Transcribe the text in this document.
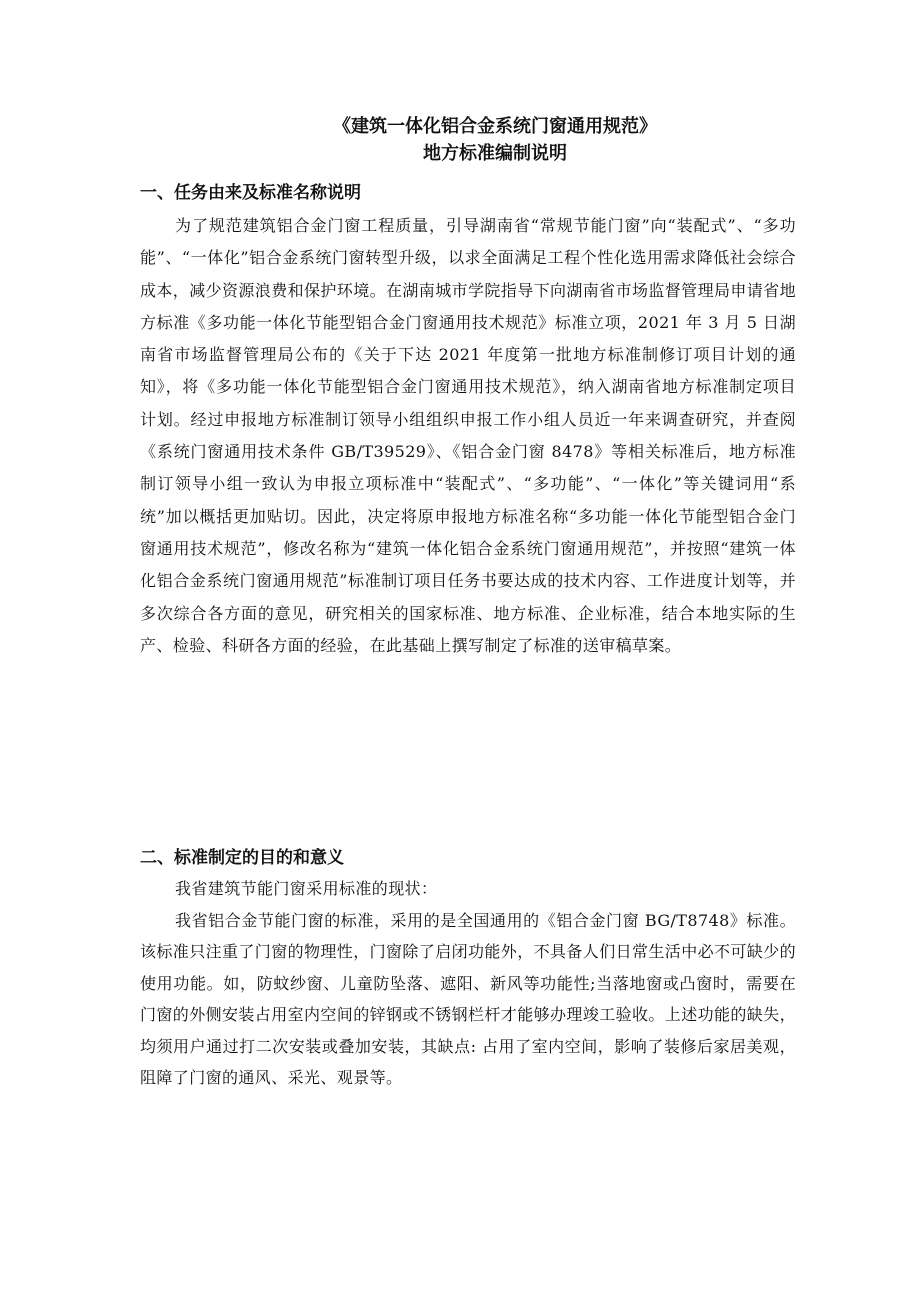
《建筑一体化铝合金系统门窗通用规范》
地方标准编制说明

一、任务由来及标准名称说明

为了规范建筑铝合金门窗工程质量，引导湖南省“常规节能门窗”向“装配式”、“多功能”、“一体化”铝合金系统门窗转型升级，以求全面满足工程个性化选用需求降低社会综合成本，减少资源浪费和保护环境。在湖南城市学院指导下向湖南省市场监督管理局申请省地方标准《多功能一体化节能型铝合金门窗通用技术规范》标准立项，2021 年 3 月 5 日湖南省市场监督管理局公布的《关于下达 2021 年度第一批地方标准制修订项目计划的通知》，将《多功能一体化节能型铝合金门窗通用技术规范》，纳入湖南省地方标准制定项目计划。经过申报地方标准制订领导小组组织申报工作小组人员近一年来调查研究，并查阅《系统门窗通用技术条件 GB/T39529》、《铝合金门窗 8478》等相关标准后，地方标准制订领导小组一致认为申报立项标准中“装配式”、“多功能”、“一体化”等关键词用“系统”加以概括更加贴切。因此，决定将原申报地方标准名称“多功能一体化节能型铝合金门窗通用技术规范”，修改名称为“建筑一体化铝合金系统门窗通用规范”，并按照“建筑一体化铝合金系统门窗通用规范”标准制订项目任务书要达成的技术内容、工作进度计划等，并多次综合各方面的意见，研究相关的国家标准、地方标准、企业标准，结合本地实际的生产、检验、科研各方面的经验，在此基础上撰写制定了标准的送审稿草案。

二、标准制定的目的和意义

我省建筑节能门窗采用标准的现状：

我省铝合金节能门窗的标准，采用的是全国通用的《铝合金门窗 BG/T8748》标准。该标准只注重了门窗的物理性，门窗除了启闭功能外，不具备人们日常生活中必不可缺少的使用功能。如，防蚊纱窗、儿童防坠落、遮阳、新风等功能性;当落地窗或凸窗时，需要在门窗的外侧安装占用室内空间的锌钢或不锈钢栏杆才能够办理竣工验收。上述功能的缺失，均须用户通过打二次安装或叠加安装，其缺点: 占用了室内空间，影响了装修后家居美观，阻障了门窗的通风、采光、观景等。
